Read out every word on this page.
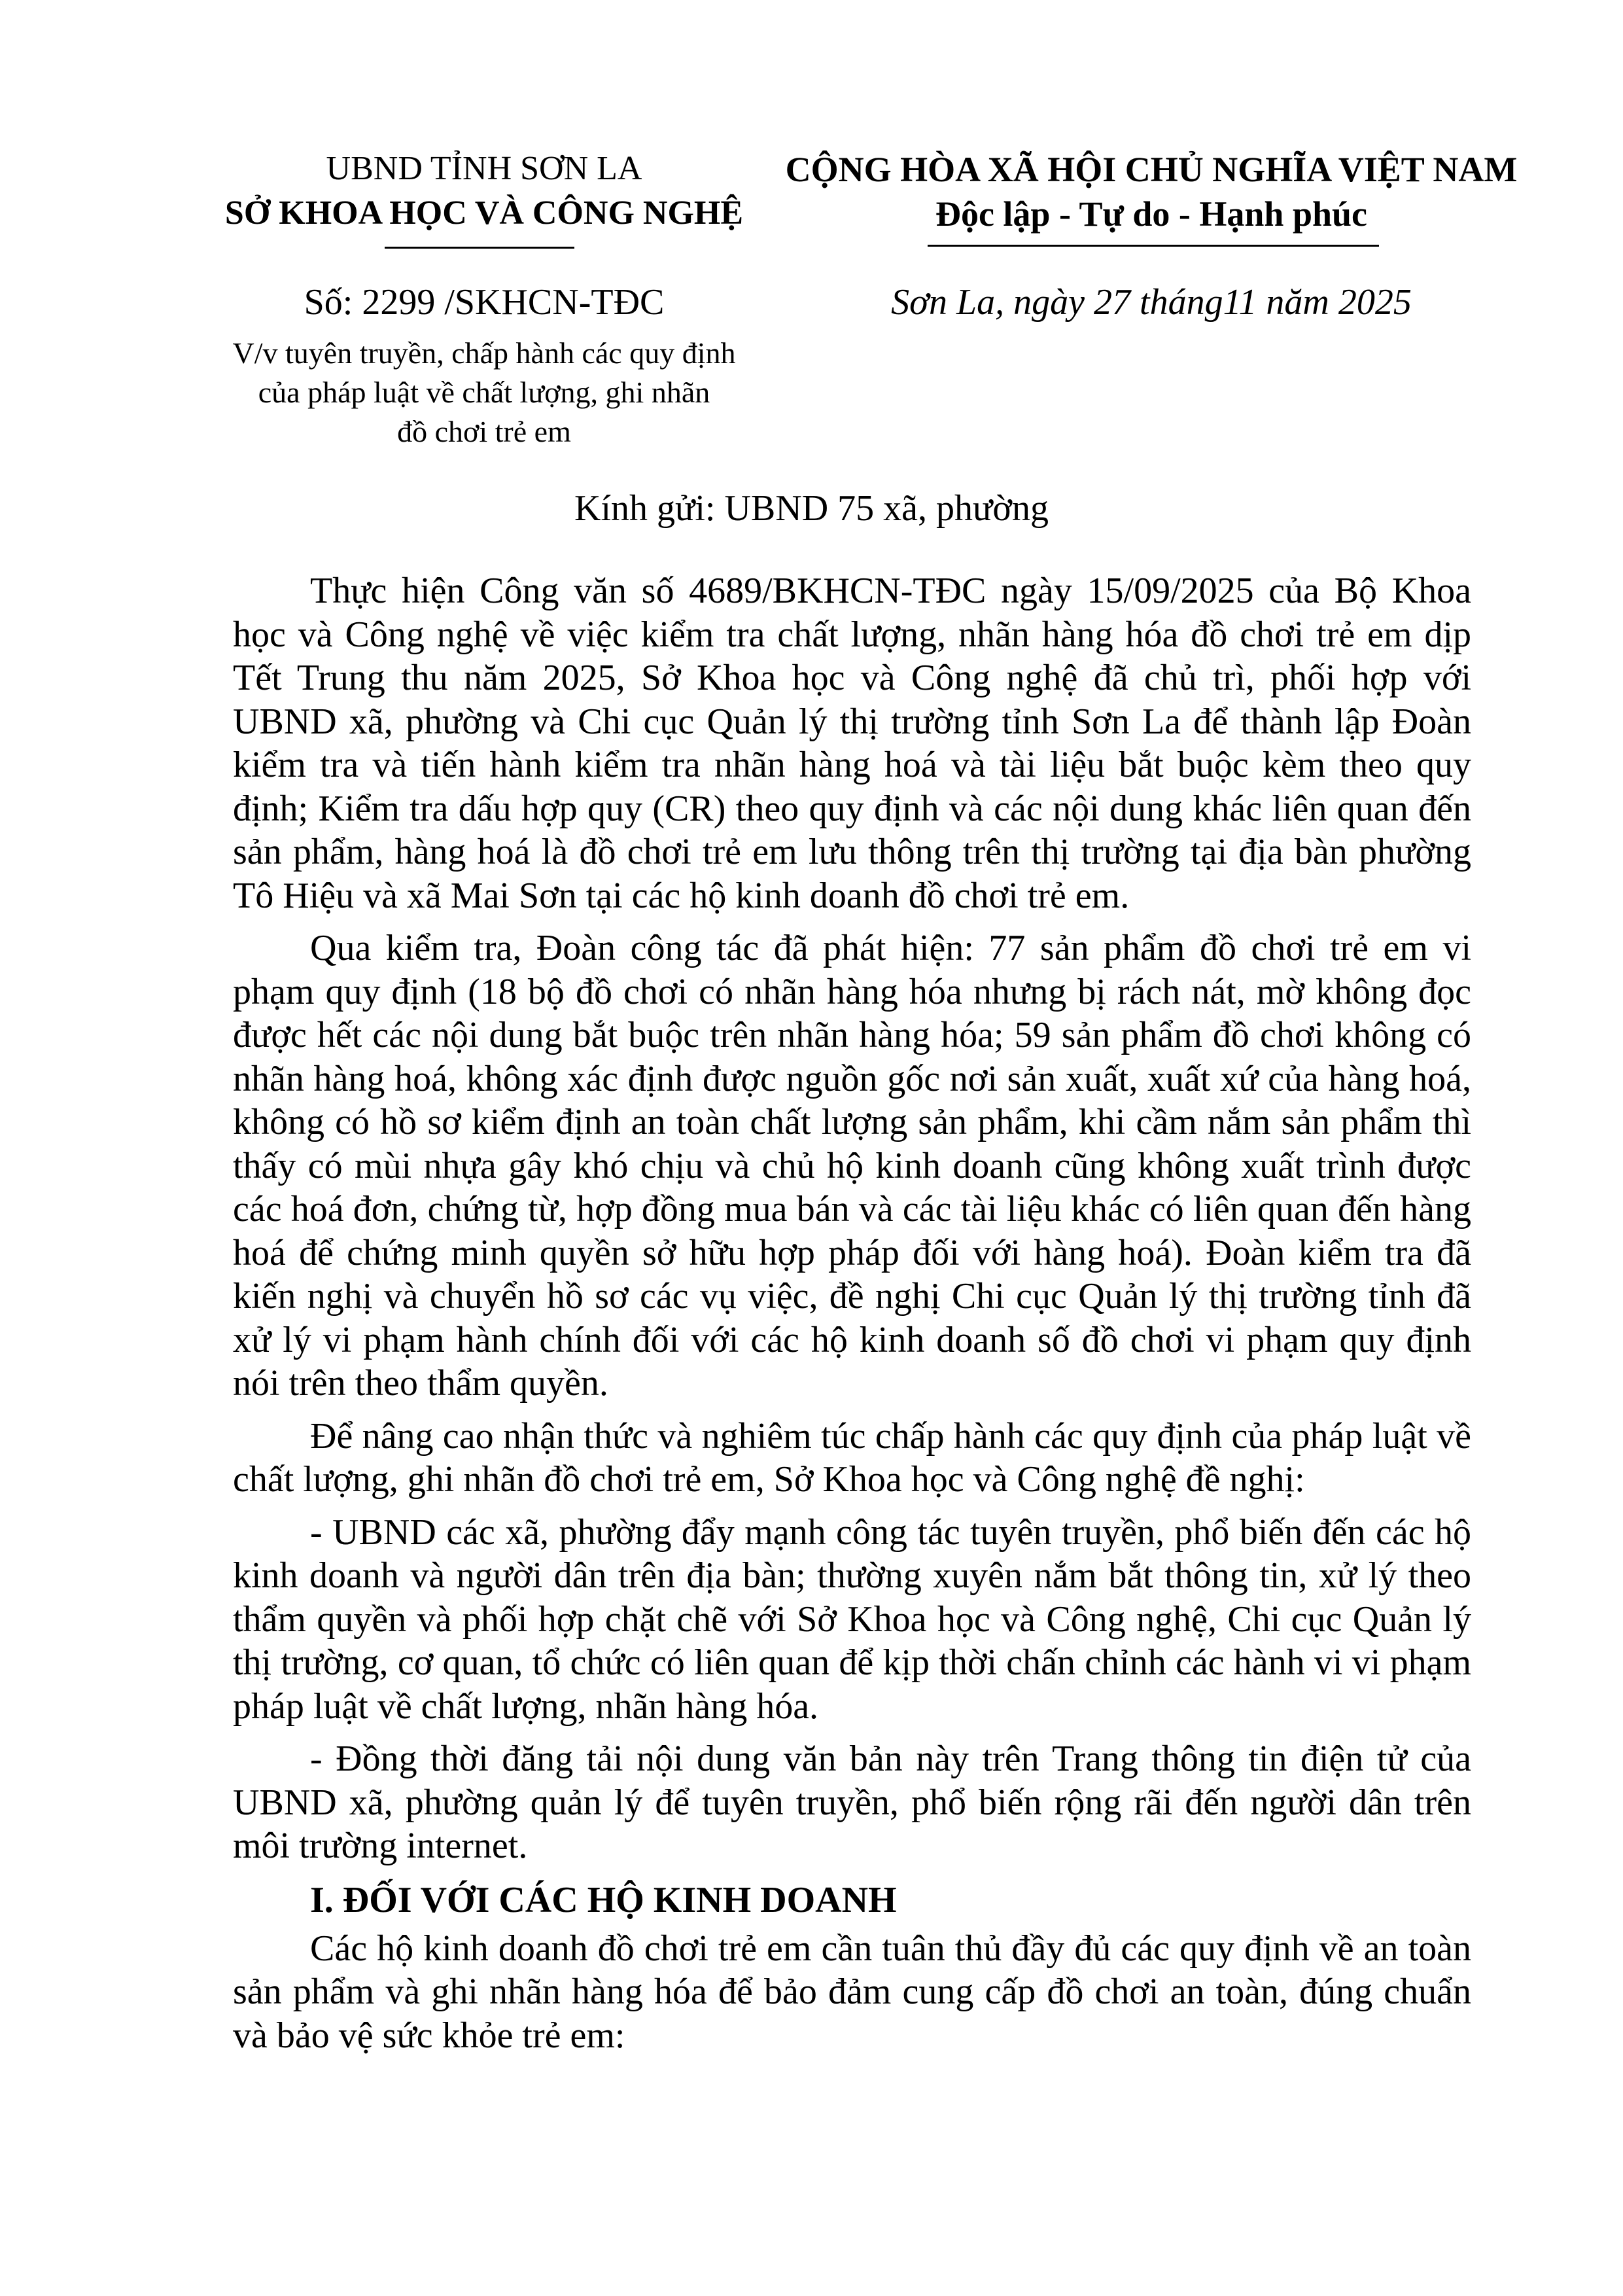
UBND TỈNH SƠN LA
SỞ KHOA HỌC VÀ CÔNG NGHỆ
CỘNG HÒA XÃ HỘI CHỦ NGHĨA VIỆT NAM
Độc lập - Tự do - Hạnh phúc
Số: 2299 /SKHCN-TĐC	Sơn La, ngày 27 tháng11 năm 2025
V/v tuyên truyền, chấp hành các quy định
của pháp luật về chất lượng, ghi nhãn
đồ chơi trẻ em
Kính gửi: UBND 75 xã, phường

Thực hiện Công văn số 4689/BKHCN-TĐC ngày 15/09/2025 của Bộ Khoa học và Công nghệ về việc kiểm tra chất lượng, nhãn hàng hóa đồ chơi trẻ em dịp Tết Trung thu năm 2025, Sở Khoa học và Công nghệ đã chủ trì, phối hợp với UBND xã, phường và Chi cục Quản lý thị trường tỉnh Sơn La để thành lập Đoàn kiểm tra và tiến hành kiểm tra nhãn hàng hoá và tài liệu bắt buộc kèm theo quy định; Kiểm tra dấu hợp quy (CR) theo quy định và các nội dung khác liên quan đến sản phẩm, hàng hoá là đồ chơi trẻ em lưu thông trên thị trường tại địa bàn phường Tô Hiệu và xã Mai Sơn tại các hộ kinh doanh đồ chơi trẻ em.

Qua kiểm tra, Đoàn công tác đã phát hiện: 77 sản phẩm đồ chơi trẻ em vi phạm quy định (18 bộ đồ chơi có nhãn hàng hóa nhưng bị rách nát, mờ không đọc được hết các nội dung bắt buộc trên nhãn hàng hóa; 59 sản phẩm đồ chơi không có nhãn hàng hoá, không xác định được nguồn gốc nơi sản xuất, xuất xứ của hàng hoá, không có hồ sơ kiểm định an toàn chất lượng sản phẩm, khi cầm nắm sản phẩm thì thấy có mùi nhựa gây khó chịu và chủ hộ kinh doanh cũng không xuất trình được các hoá đơn, chứng từ, hợp đồng mua bán và các tài liệu khác có liên quan đến hàng hoá để chứng minh quyền sở hữu hợp pháp đối với hàng hoá). Đoàn kiểm tra đã kiến nghị và chuyển hồ sơ các vụ việc, đề nghị Chi cục Quản lý thị trường tỉnh đã xử lý vi phạm hành chính đối với các hộ kinh doanh số đồ chơi vi phạm quy định nói trên theo thẩm quyền.

Để nâng cao nhận thức và nghiêm túc chấp hành các quy định của pháp luật về chất lượng, ghi nhãn đồ chơi trẻ em, Sở Khoa học và Công nghệ đề nghị:

- UBND các xã, phường đẩy mạnh công tác tuyên truyền, phổ biến đến các hộ kinh doanh và người dân trên địa bàn; thường xuyên nắm bắt thông tin, xử lý theo thẩm quyền và phối hợp chặt chẽ với Sở Khoa học và Công nghệ, Chi cục Quản lý thị trường, cơ quan, tổ chức có liên quan để kịp thời chấn chỉnh các hành vi vi phạm pháp luật về chất lượng, nhãn hàng hóa.

- Đồng thời đăng tải nội dung văn bản này trên Trang thông tin điện tử của UBND xã, phường quản lý để tuyên truyền, phổ biến rộng rãi đến người dân trên môi trường internet.

I. ĐỐI VỚI CÁC HỘ KINH DOANH

Các hộ kinh doanh đồ chơi trẻ em cần tuân thủ đầy đủ các quy định về an toàn sản phẩm và ghi nhãn hàng hóa để bảo đảm cung cấp đồ chơi an toàn, đúng chuẩn và bảo vệ sức khỏe trẻ em:
